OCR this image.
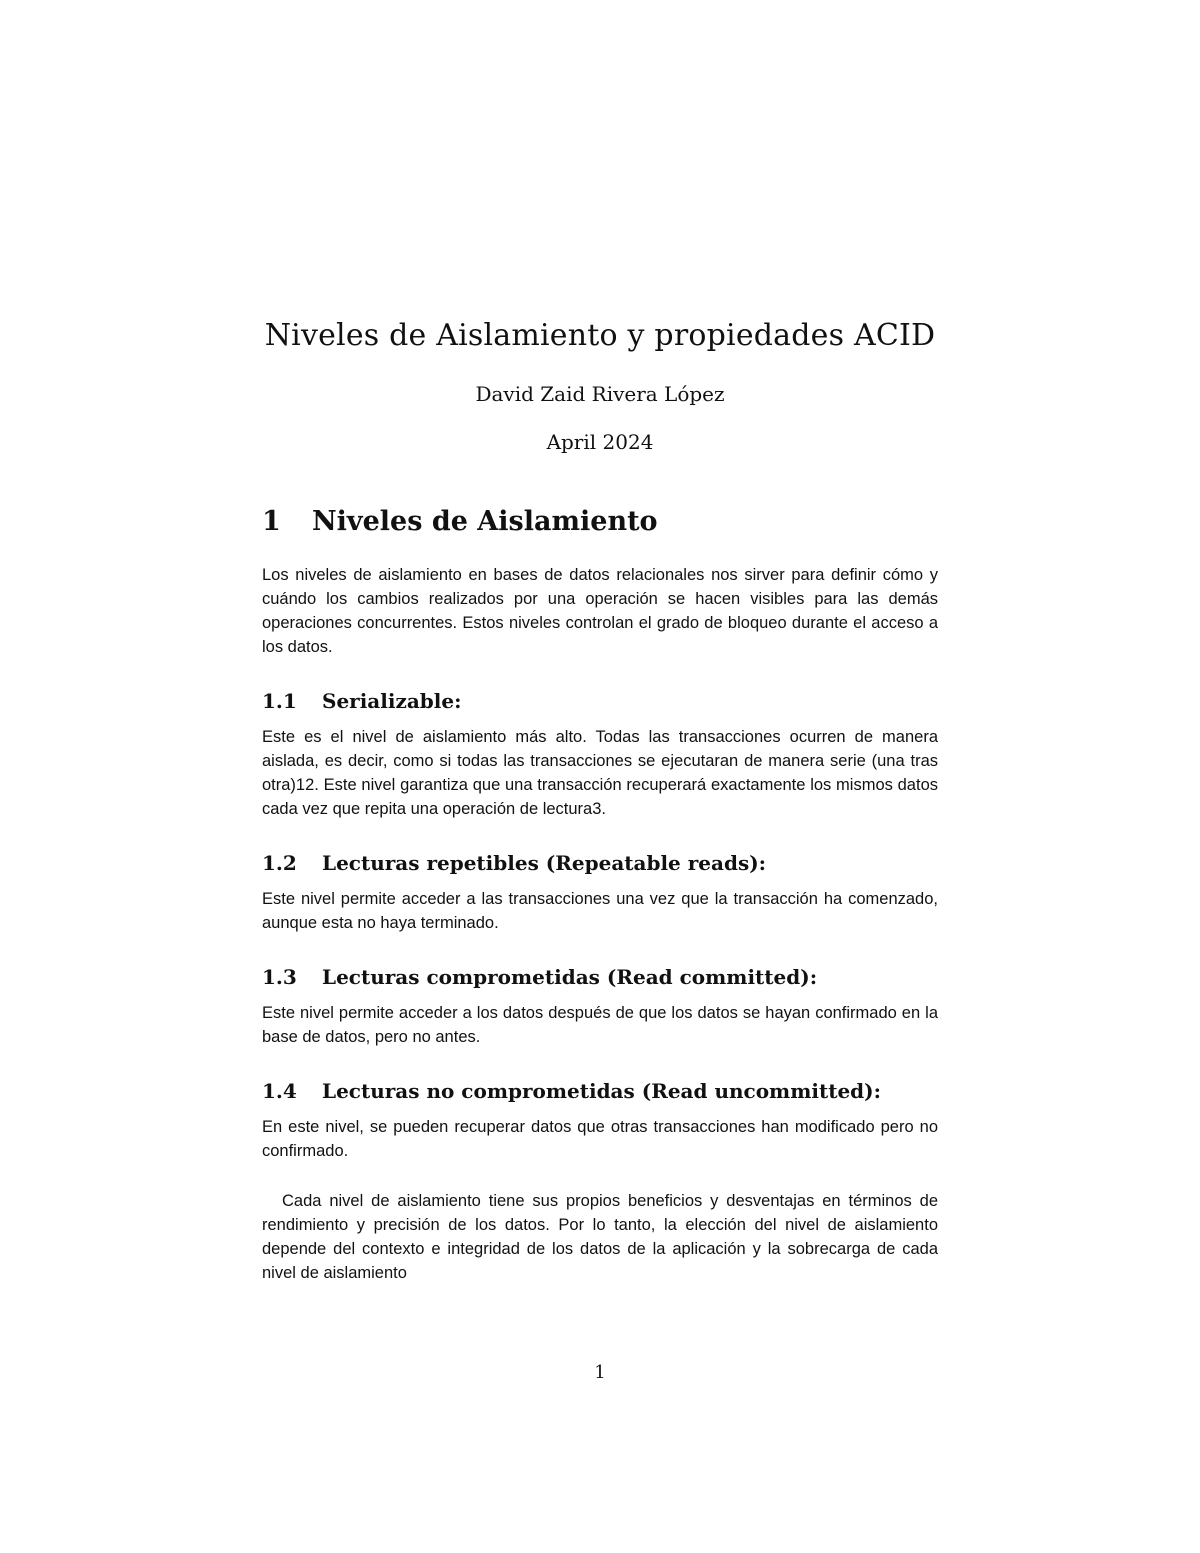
Niveles de Aislamiento y propiedades ACID
David Zaid Rivera López
April 2024
1	Niveles de Aislamiento

Los niveles de aislamiento en bases de datos relacionales nos sirver para definir cómo y cuándo los cambios realizados por una operación se hacen visibles para las demás operaciones concurrentes. Estos niveles controlan el grado de bloqueo durante el acceso a los datos.

1.1	Serializable:

Este es el nivel de aislamiento más alto. Todas las transacciones ocurren de manera aislada, es decir, como si todas las transacciones se ejecutaran de manera serie (una tras otra)12. Este nivel garantiza que una transacción recuperará exactamente los mismos datos cada vez que repita una operación de lectura3.

1.2	Lecturas repetibles (Repeatable reads):

Este nivel permite acceder a las transacciones una vez que la transacción ha comenzado, aunque esta no haya terminado.

1.3	Lecturas comprometidas (Read committed):

Este nivel permite acceder a los datos después de que los datos se hayan confirmado en la base de datos, pero no antes.

1.4	Lecturas no comprometidas (Read uncommitted):

En este nivel, se pueden recuperar datos que otras transacciones han modificado pero no confirmado.

Cada nivel de aislamiento tiene sus propios beneficios y desventajas en términos de rendimiento y precisión de los datos. Por lo tanto, la elección del nivel de aislamiento depende del contexto e integridad de los datos de la aplicación y la sobrecarga de cada nivel de aislamiento

1
